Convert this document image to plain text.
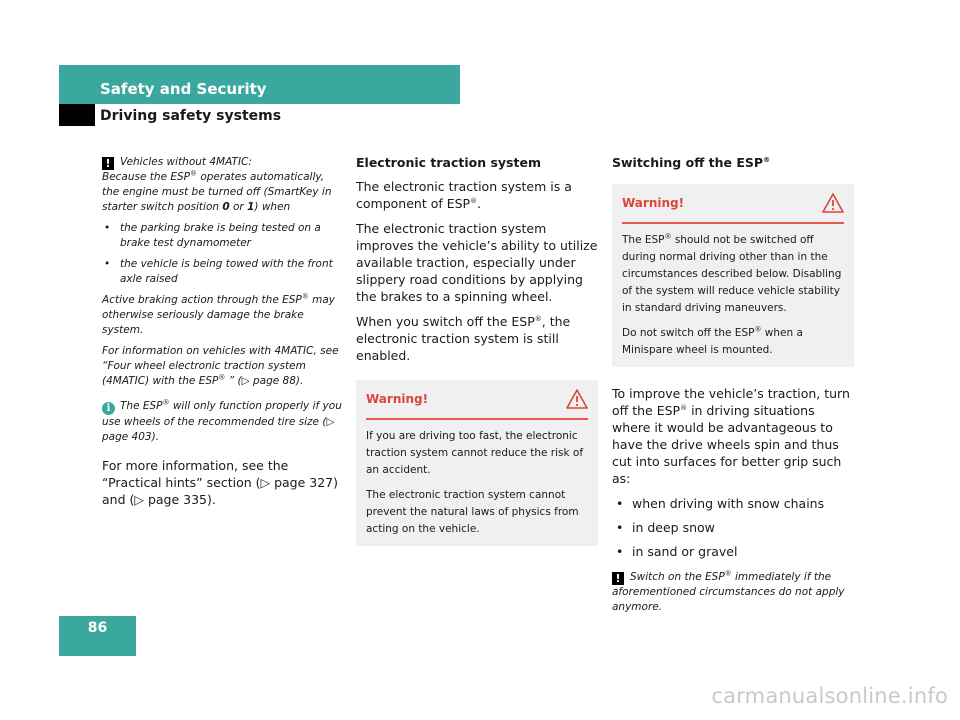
Safety and Security
Driving safety systems

! Vehicles without 4MATIC:
Because the ESP® operates automatically, the engine must be turned off (SmartKey in starter switch position 0 or 1) when

• the parking brake is being tested on a brake test dynamometer
• the vehicle is being towed with the front axle raised

Active braking action through the ESP® may otherwise seriously damage the brake system.

For information on vehicles with 4MATIC, see “Four wheel electronic traction system (4MATIC) with the ESP® ” (▷ page 88).

i The ESP® will only function properly if you use wheels of the recommended tire size (▷ page 403).

For more information, see the “Practical hints” section (▷ page 327) and (▷ page 335).

Electronic traction system

The electronic traction system is a component of ESP®.

The electronic traction system improves the vehicle’s ability to utilize available traction, especially under slippery road conditions by applying the brakes to a spinning wheel.

When you switch off the ESP®, the electronic traction system is still enabled.

Warning!

If you are driving too fast, the electronic traction system cannot reduce the risk of an accident.

The electronic traction system cannot prevent the natural laws of physics from acting on the vehicle.

Switching off the ESP®

Warning!

The ESP® should not be switched off during normal driving other than in the circumstances described below. Disabling of the system will reduce vehicle stability in standard driving maneuvers.

Do not switch off the ESP® when a Minispare wheel is mounted.

To improve the vehicle’s traction, turn off the ESP® in driving situations where it would be advantageous to have the drive wheels spin and thus cut into surfaces for better grip such as:

• when driving with snow chains
• in deep snow
• in sand or gravel

! Switch on the ESP® immediately if the aforementioned circumstances do not apply anymore.

86
carmanualsonline.info
